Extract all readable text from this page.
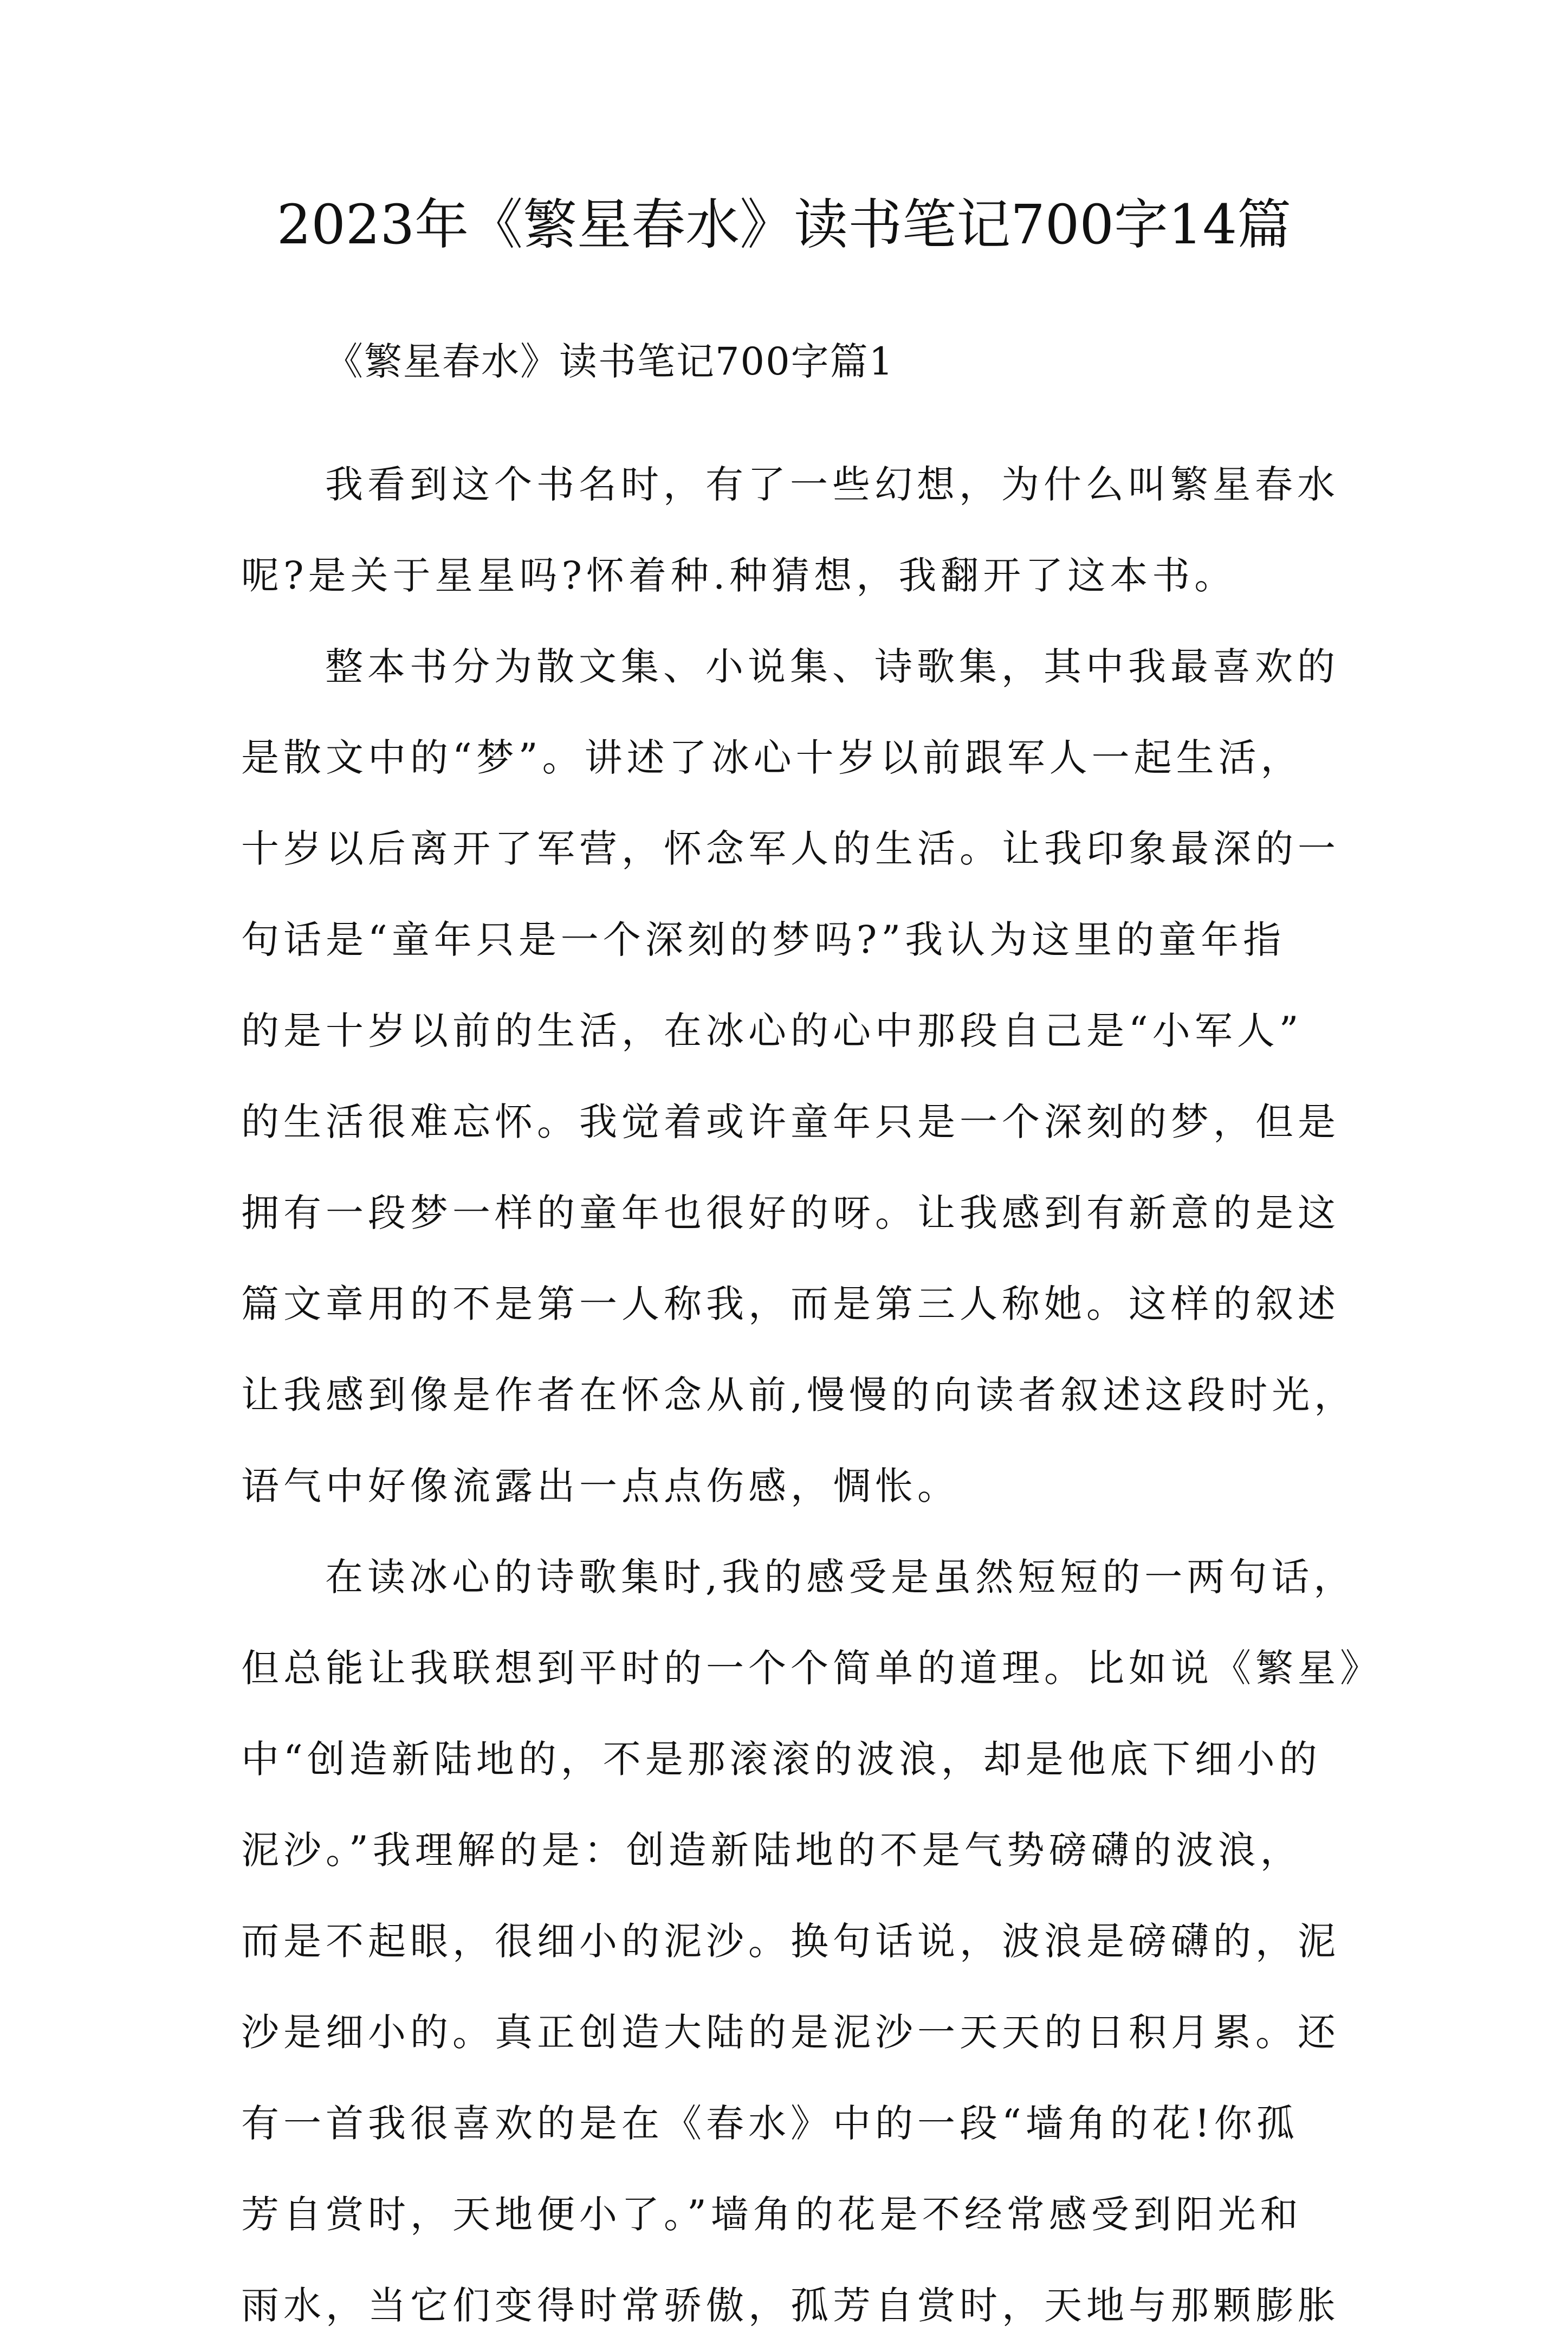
2023年《繁星春水》读书笔记700字14篇
《繁星春水》读书笔记700字篇1
我看到这个书名时，有了一些幻想，为什么叫繁星春水
呢?是关于星星吗?怀着种.种猜想，我翻开了这本书。
整本书分为散文集、小说集、诗歌集，其中我最喜欢的
是散文中的“梦”。讲述了冰心十岁以前跟军人一起生活，
十岁以后离开了军营，怀念军人的生活。让我印象最深的一
句话是“童年只是一个深刻的梦吗?”我认为这里的童年指
的是十岁以前的生活，在冰心的心中那段自己是“小军人”
的生活很难忘怀。我觉着或许童年只是一个深刻的梦，但是
拥有一段梦一样的童年也很好的呀。让我感到有新意的是这
篇文章用的不是第一人称我，而是第三人称她。这样的叙述
让我感到像是作者在怀念从前,慢慢的向读者叙述这段时光，
语气中好像流露出一点点伤感，惆怅。
在读冰心的诗歌集时,我的感受是虽然短短的一两句话，
但总能让我联想到平时的一个个简单的道理。比如说《繁星》
中“创造新陆地的，不是那滚滚的波浪，却是他底下细小的
泥沙。”我理解的是：创造新陆地的不是气势磅礴的波浪，
而是不起眼，很细小的泥沙。换句话说，波浪是磅礴的，泥
沙是细小的。真正创造大陆的是泥沙一天天的日积月累。还
有一首我很喜欢的是在《春水》中的一段“墙角的花!你孤
芳自赏时，天地便小了。”墙角的花是不经常感受到阳光和
雨水，当它们变得时常骄傲，孤芳自赏时，天地与那颗膨胀
